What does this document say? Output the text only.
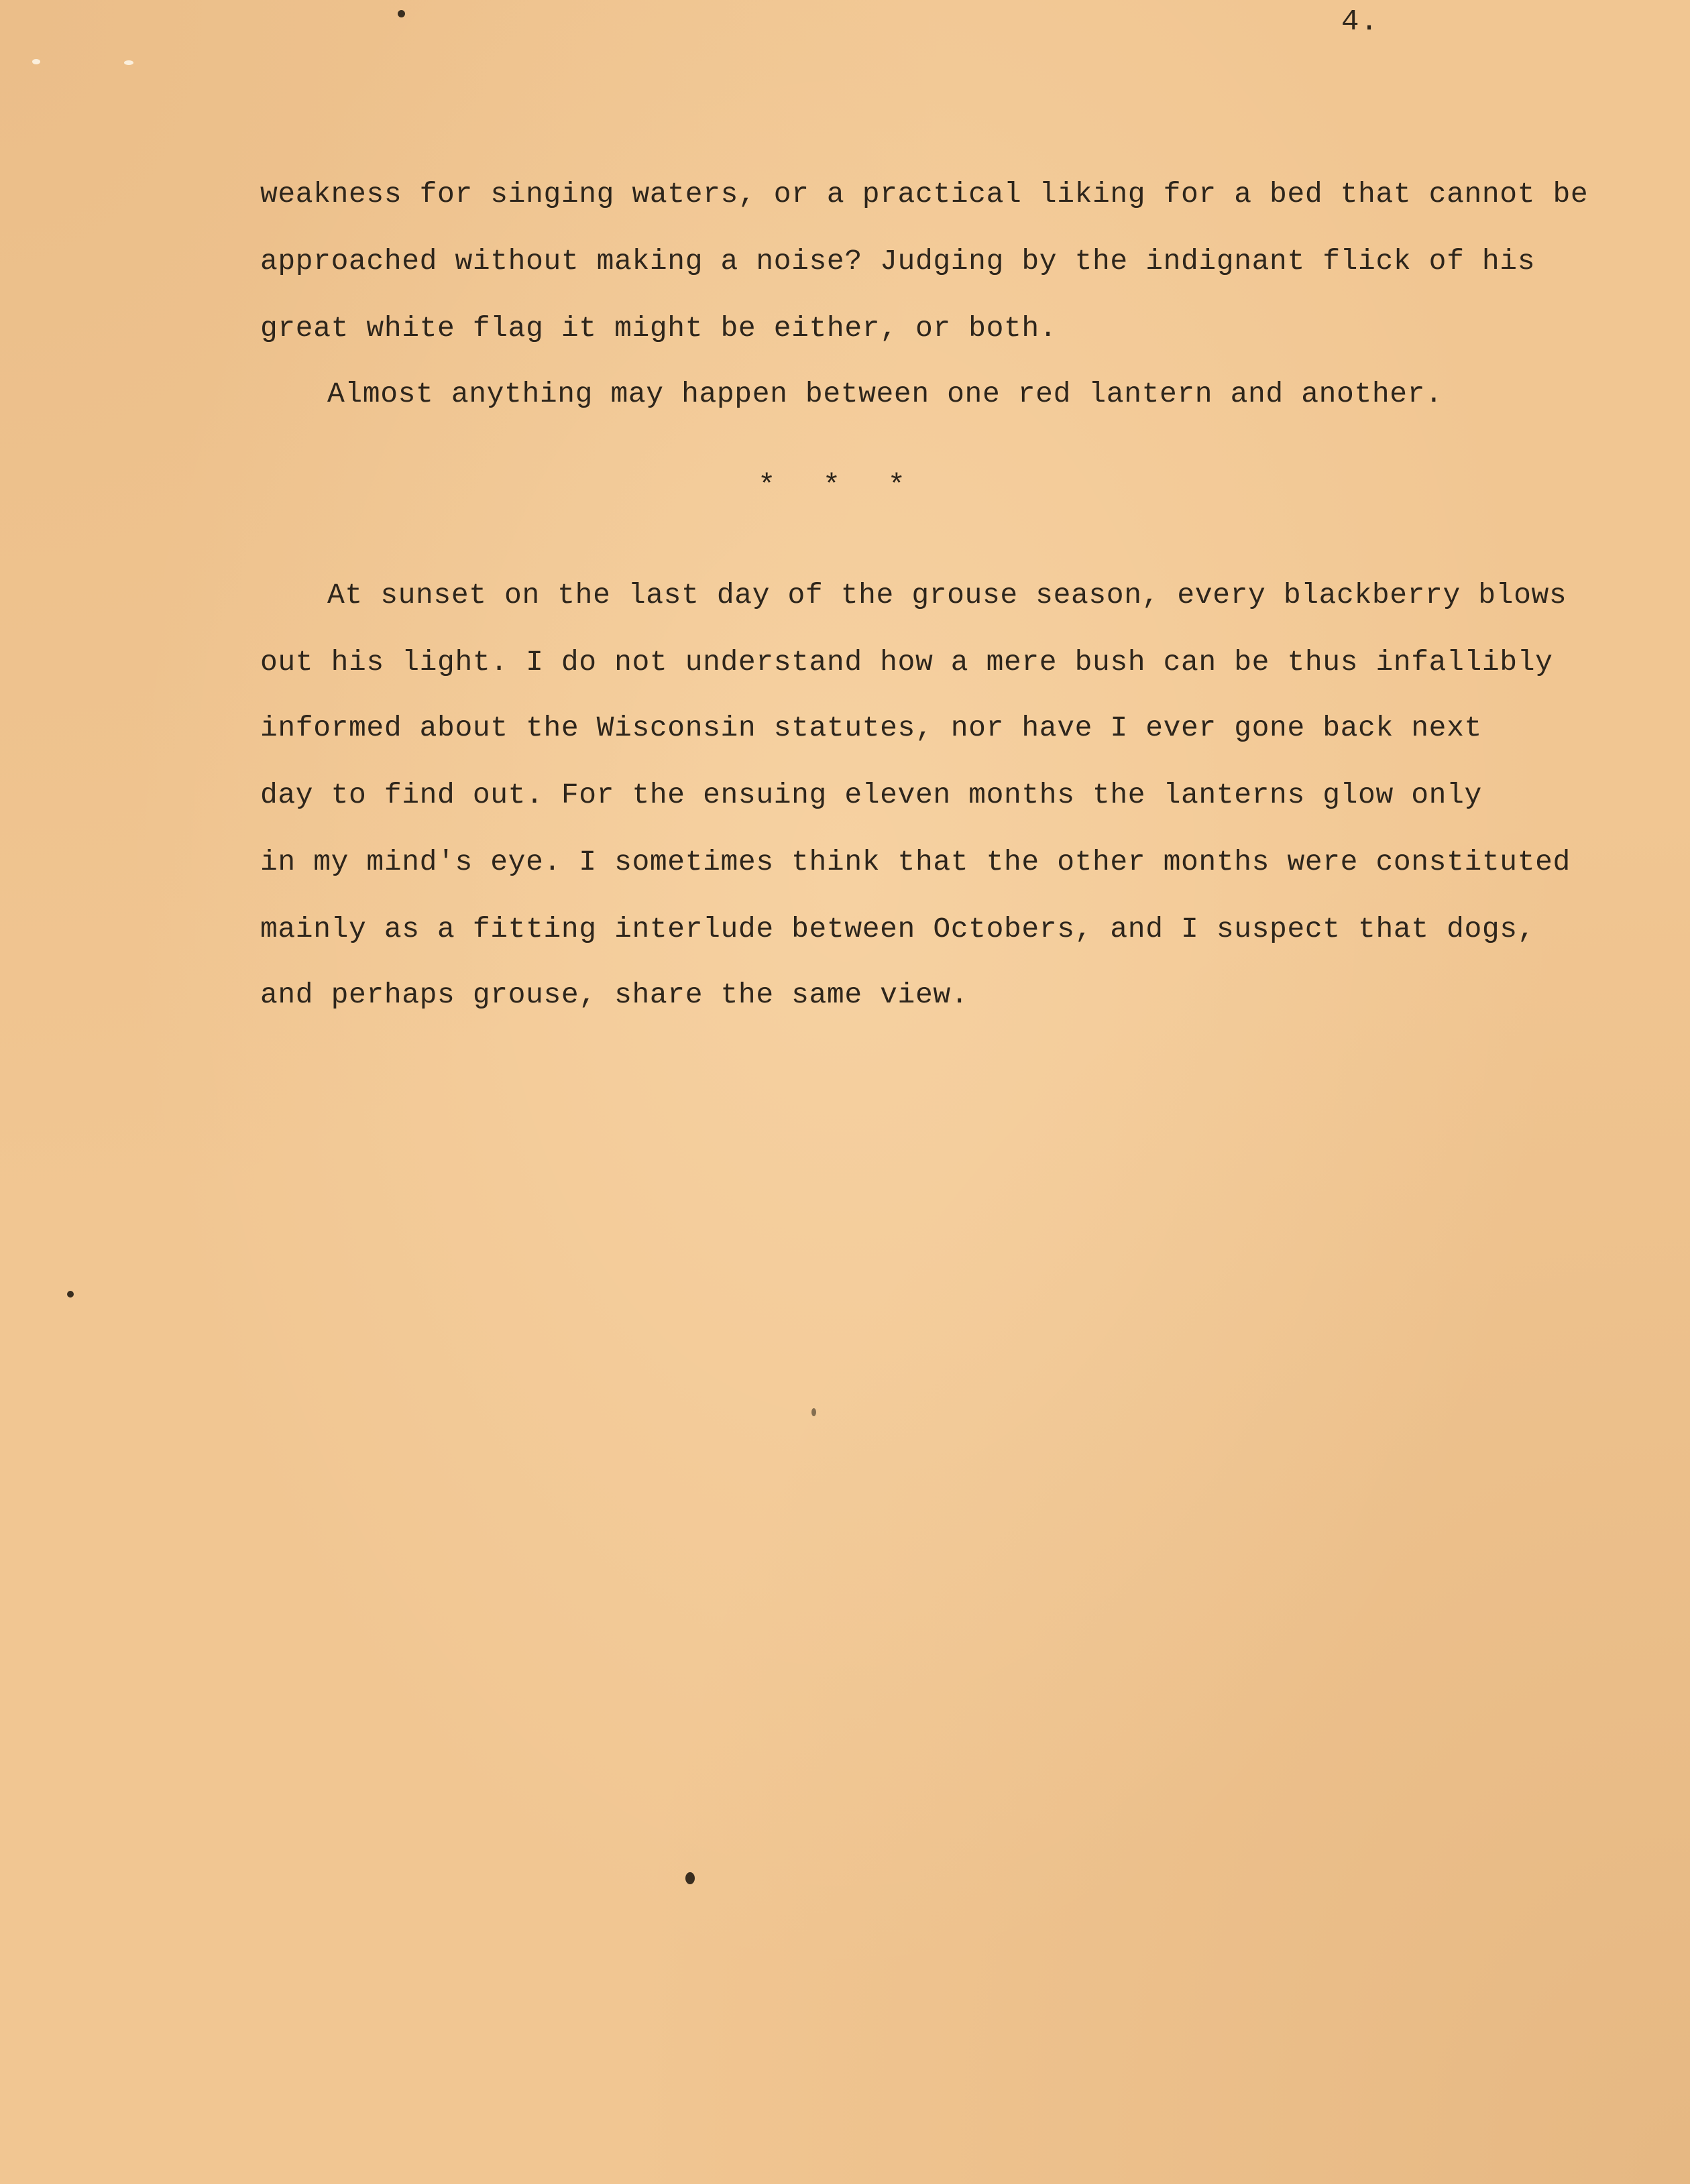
4.
weakness for singing waters, or a practical liking for a bed that cannot be
approached without making a noise? Judging by the indignant flick of his
great white flag it might be either, or both.
Almost anything may happen between one red lantern and another.
* * *
At sunset on the last day of the grouse season, every blackberry blows
out his light. I do not understand how a mere bush can be thus infallibly
informed about the Wisconsin statutes, nor have I ever gone back next
day to find out. For the ensuing eleven months the lanterns glow only
in my mind's eye. I sometimes think that the other months were constituted
mainly as a fitting interlude between Octobers, and I suspect that dogs,
and perhaps grouse, share the same view.
